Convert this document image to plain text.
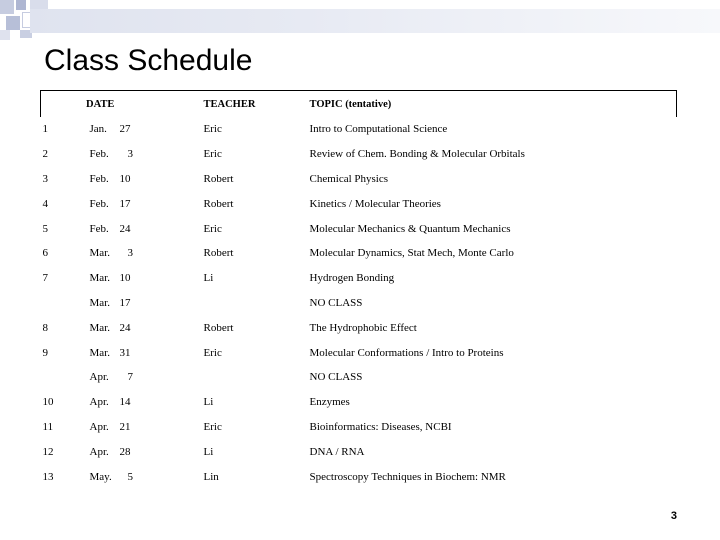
Class Schedule
DATE		TEACHER	TOPIC (tentative)
1	Jan. 27	Eric	Intro to Computational Science
2	Feb. 3	Eric	Review of Chem. Bonding & Molecular Orbitals
3	Feb. 10	Robert	Chemical Physics
4	Feb. 17	Robert	Kinetics / Molecular Theories
5	Feb. 24	Eric	Molecular Mechanics & Quantum Mechanics
6	Mar. 3	Robert	Molecular Dynamics, Stat Mech, Monte Carlo
7	Mar. 10	Li	Hydrogen Bonding
	Mar. 17		NO CLASS
8	Mar. 24	Robert	The Hydrophobic Effect
9	Mar. 31	Eric	Molecular Conformations / Intro to Proteins
	Apr. 7		NO CLASS
10	Apr. 14	Li	Enzymes
11	Apr. 21	Eric	Bioinformatics: Diseases, NCBI
12	Apr. 28	Li	DNA / RNA
13	May. 5	Lin	Spectroscopy Techniques in Biochem: NMR
3
